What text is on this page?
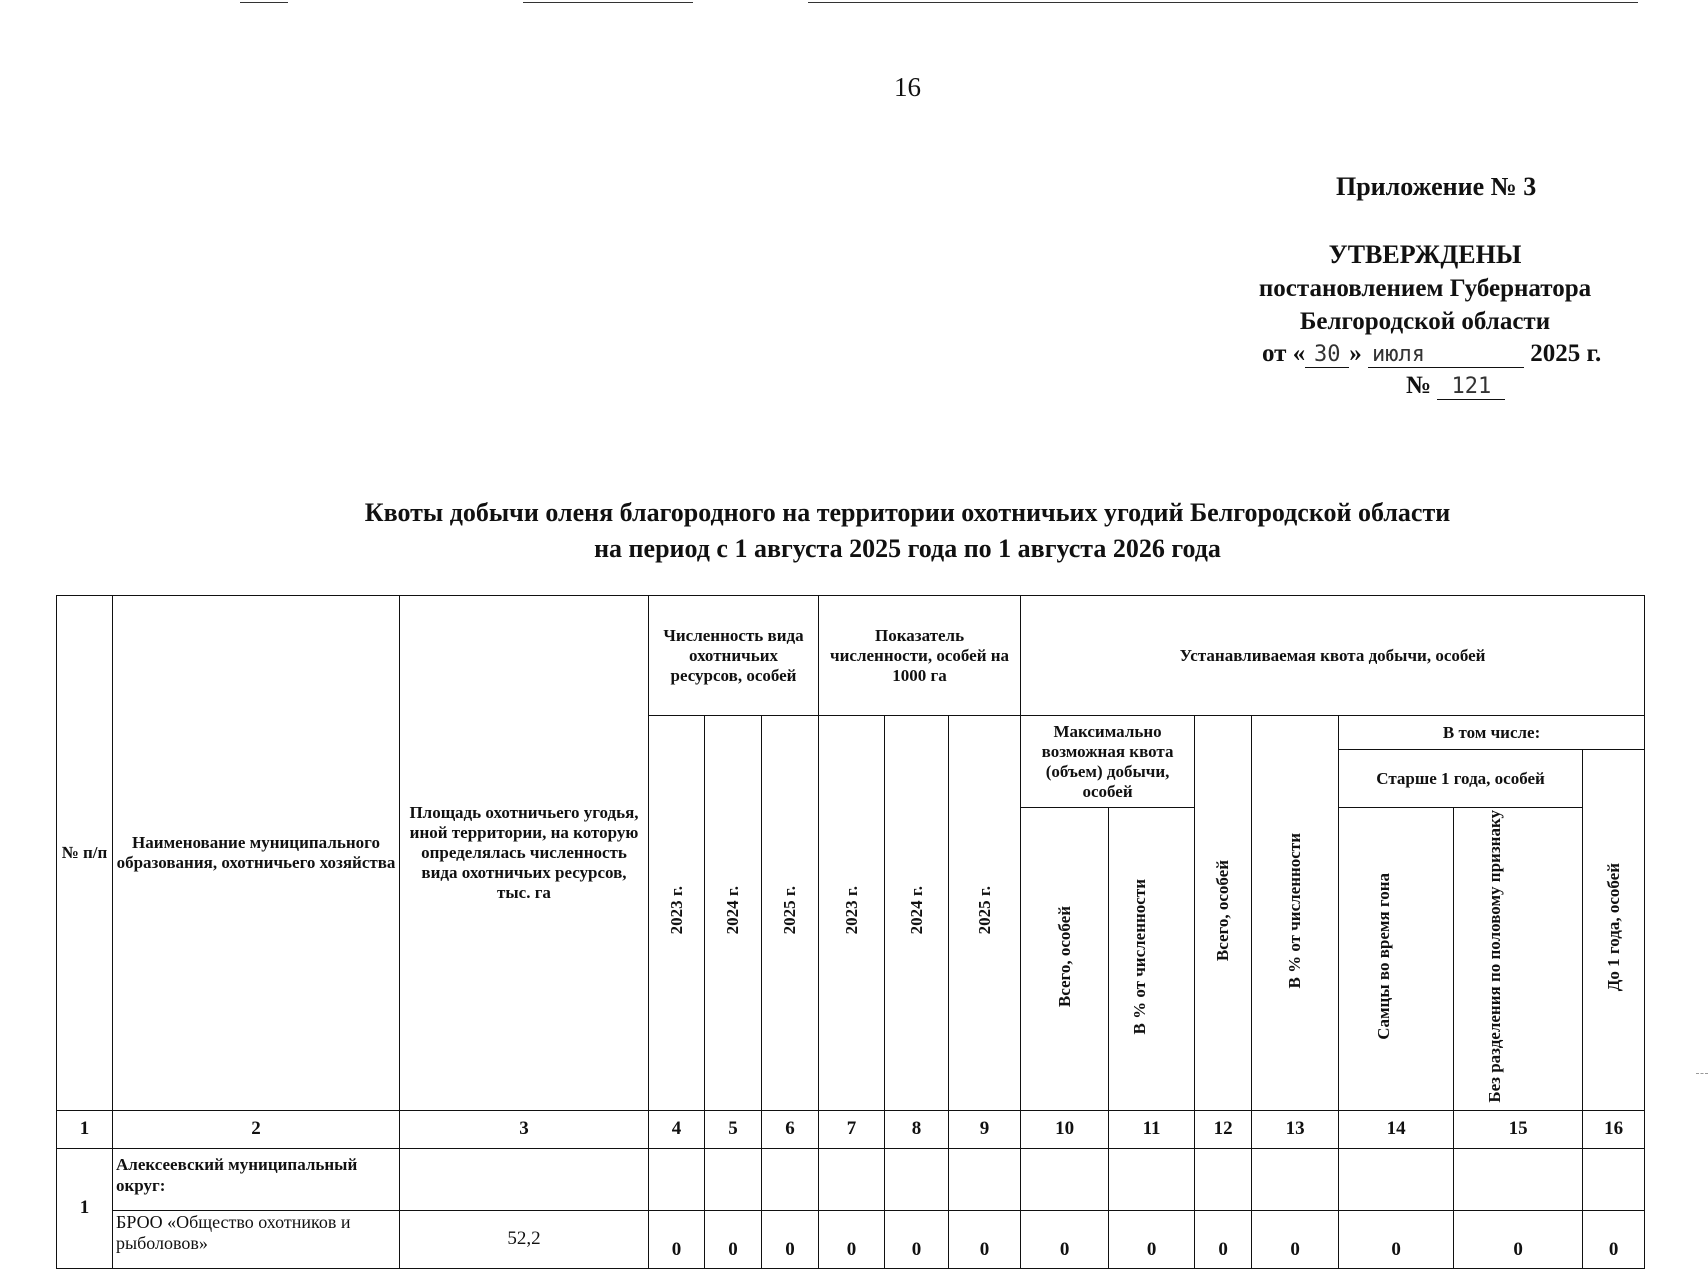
16
Приложение № 3
УТВЕРЖДЕНЫ
постановлением Губернатора
Белгородской области
от « 30 » июля	2025 г.
№ 121
Квоты добычи оленя благородного на территории охотничьих угодий Белгородской области
на период с 1 августа 2025 года по 1 августа 2026 года
№ п/п	Наименование муниципального образования, охотничьего хозяйства	Площадь охотничьего угодья, иной территории, на которую определялась численность вида охотничьих ресурсов, тыс. га	Численность вида охотничьих ресурсов, особей			Показатель численности, особей на 1000 га			Устанавливаемая квота добычи, особей						
			2023 г.	2024 г.	2025 г.	2023 г.	2024 г.	2025 г.	Максимально возможная квота (объем) добычи, особей		Всего, особей	В % от численности	В том числе:		
													Старше 1 года, особей		До 1 года, особей
									Всего, особей	В % от численности			Самцы во время гона	Без разделения по половому признаку	
1	2	3	4	5	6	7	8	9	10	11	12	13	14	15	16
1	Алексеевский муниципальный округ:														
	БРОО «Общество охотников и рыболовов»	52,2	0	0	0	0	0	0	0	0	0	0	0	0	0
